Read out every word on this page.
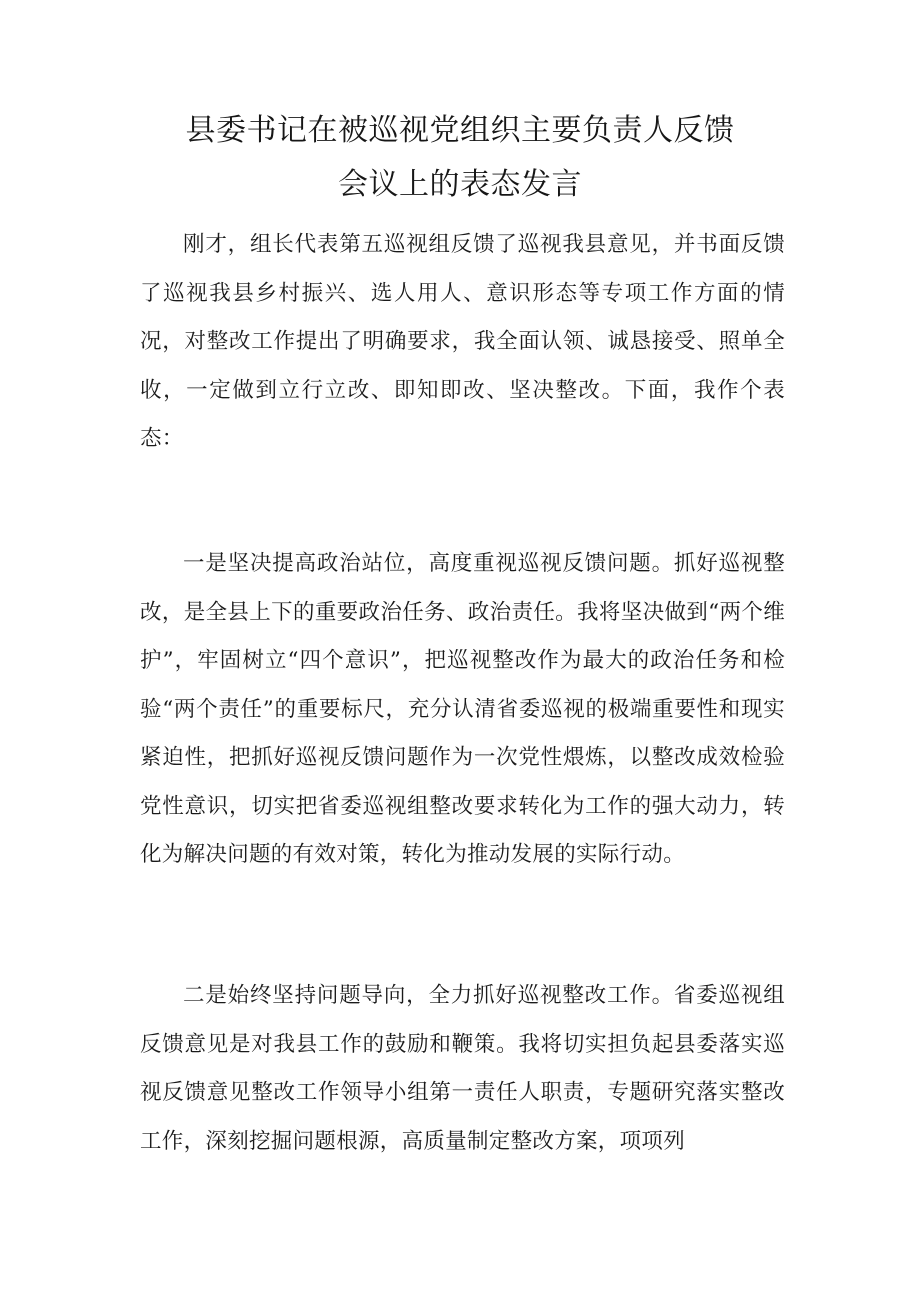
县委书记在被巡视党组织主要负责人反馈
会议上的表态发言

刚才，组长代表第五巡视组反馈了巡视我县意见，并书面反馈了巡视我县乡村振兴、选人用人、意识形态等专项工作方面的情况，对整改工作提出了明确要求，我全面认领、诚恳接受、照单全收，一定做到立行立改、即知即改、坚决整改。下面，我作个表态：

一是坚决提高政治站位，高度重视巡视反馈问题。抓好巡视整改，是全县上下的重要政治任务、政治责任。我将坚决做到“两个维护”，牢固树立“四个意识”，把巡视整改作为最大的政治任务和检验“两个责任”的重要标尺，充分认清省委巡视的极端重要性和现实紧迫性，把抓好巡视反馈问题作为一次党性煨炼，以整改成效检验党性意识，切实把省委巡视组整改要求转化为工作的强大动力，转化为解决问题的有效对策，转化为推动发展的实际行动。

二是始终坚持问题导向，全力抓好巡视整改工作。省委巡视组反馈意见是对我县工作的鼓励和鞭策。我将切实担负起县委落实巡视反馈意见整改工作领导小组第一责任人职责，专题研究落实整改工作，深刻挖掘问题根源，高质量制定整改方案，项项列
